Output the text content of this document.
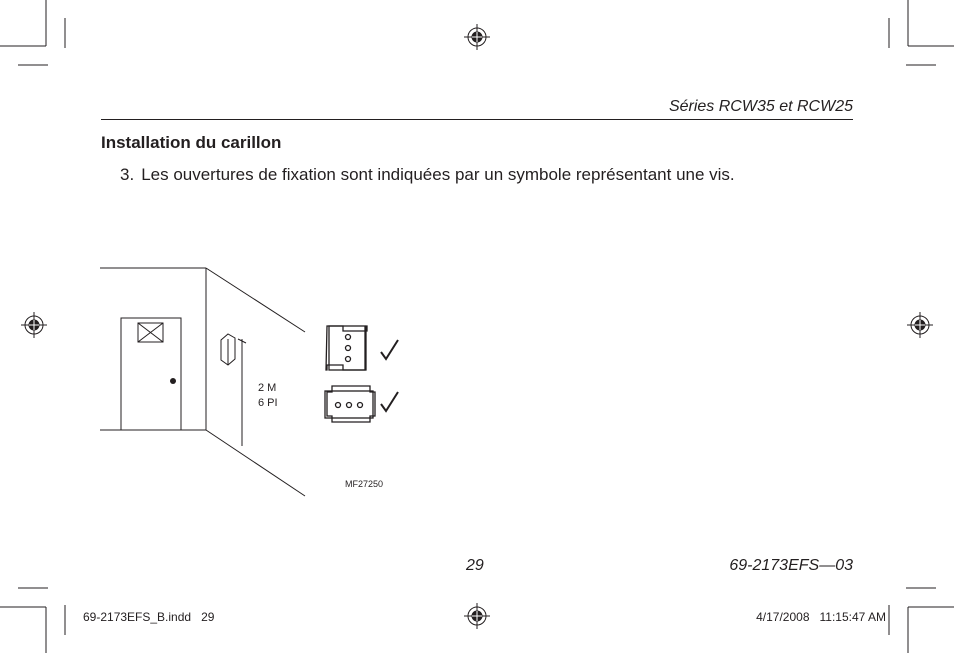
Séries RCW35 et RCW25
Installation du carillon
3. Les ouvertures de fixation sont indiquées par un symbole représentant une vis.
2 M
6 PI
MF27250
29	69-2173EFS—03
69-2173EFS_B.indd   29	4/17/2008   11:15:47 AM
